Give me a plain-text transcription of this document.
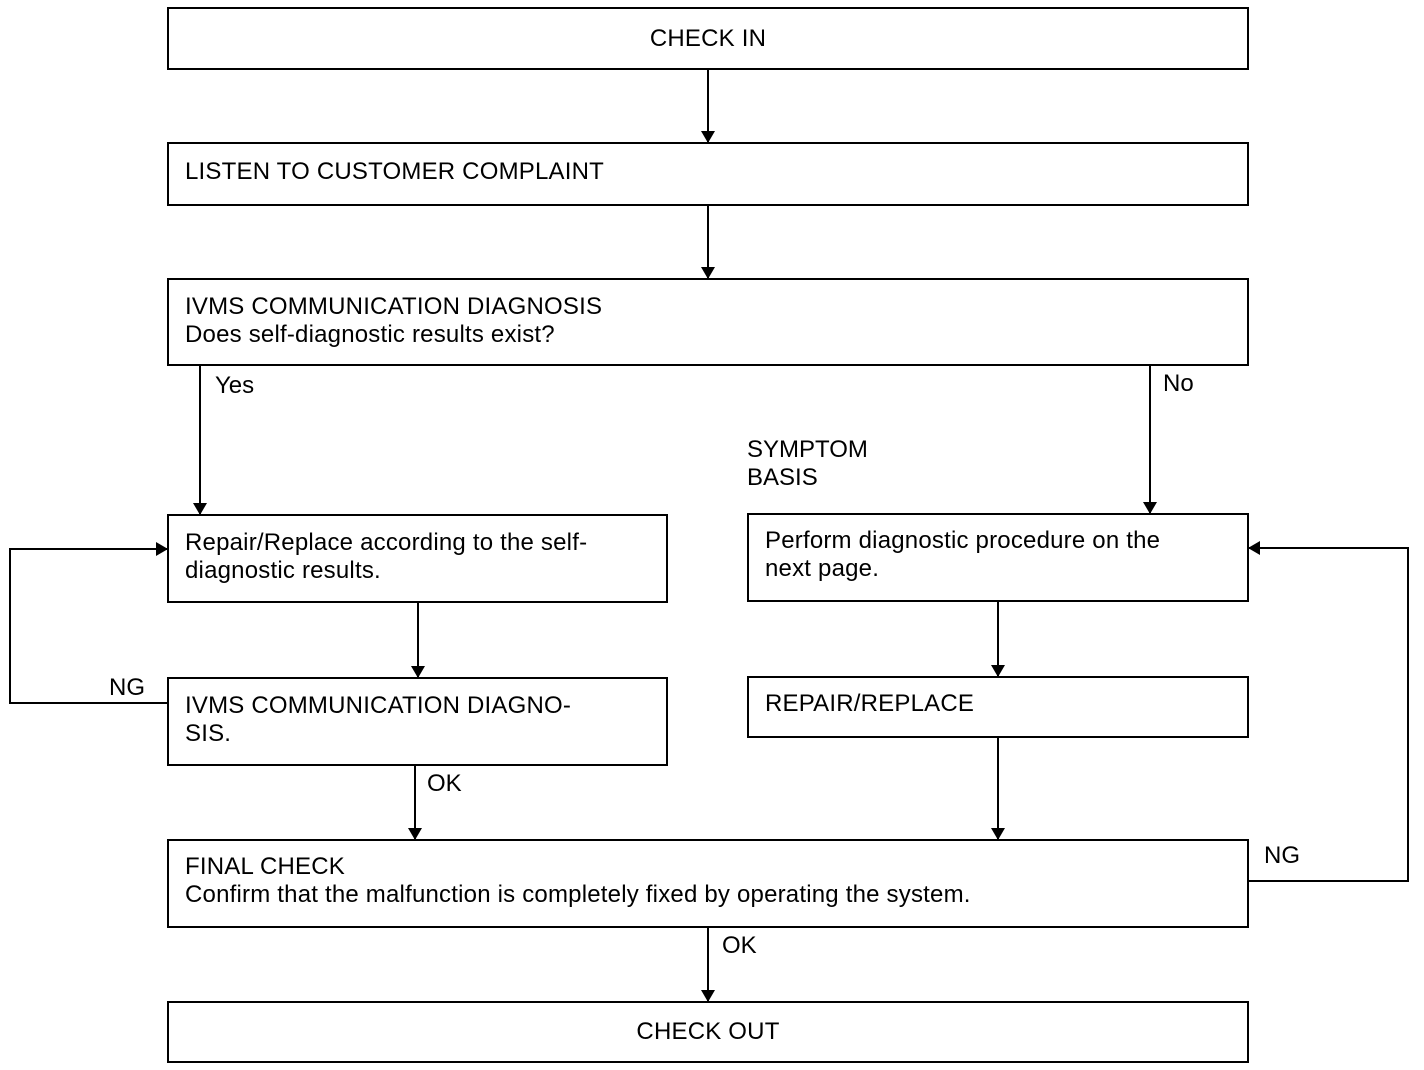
CHECK IN
LISTEN TO CUSTOMER COMPLAINT
IVMS COMMUNICATION DIAGNOSIS
Does self-diagnostic results exist?
Repair/Replace according to the self-
diagnostic results.
IVMS COMMUNICATION DIAGNO-
SIS.
Perform diagnostic procedure on the
next page.
REPAIR/REPLACE
FINAL CHECK
Confirm that the malfunction is completely fixed by operating the system.
CHECK OUT
Yes	No
SYMPTOM
BASIS
NG
OK
NG
OK
